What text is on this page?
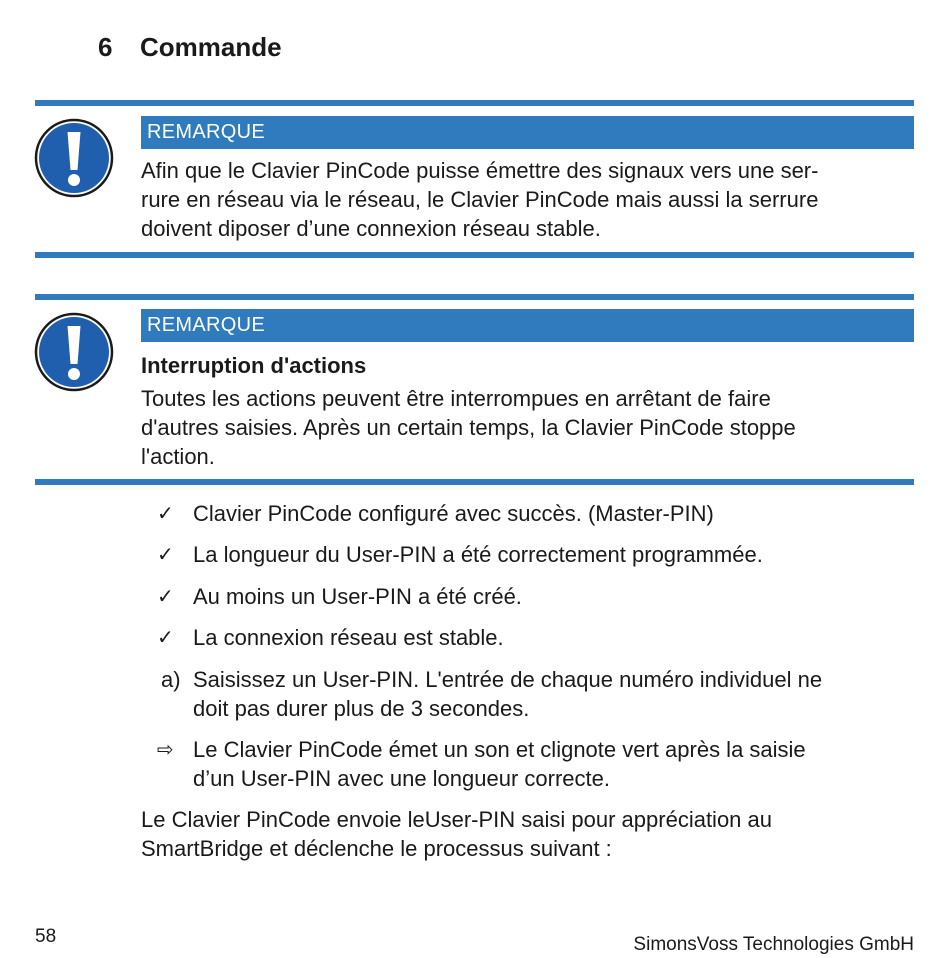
6 Commande
REMARQUE
Afin que le Clavier PinCode puisse émettre des signaux vers une ser-
rure en réseau via le réseau, le Clavier PinCode mais aussi la serrure
doivent diposer d’une connexion réseau stable.
REMARQUE
Interruption d'actions
Toutes les actions peuvent être interrompues en arrêtant de faire
d'autres saisies. Après un certain temps, la Clavier PinCode stoppe
l'action.
✓ Clavier PinCode configuré avec succès. (Master-PIN)
✓ La longueur du User-PIN a été correctement programmée.
✓ Au moins un User-PIN a été créé.
✓ La connexion réseau est stable.
a) Saisissez un User-PIN. L'entrée de chaque numéro individuel ne
doit pas durer plus de 3 secondes.
⇨ Le Clavier PinCode émet un son et clignote vert après la saisie
d’un User-PIN avec une longueur correcte.
Le Clavier PinCode envoie leUser-PIN saisi pour appréciation au
SmartBridge et déclenche le processus suivant :
58	SimonsVoss Technologies GmbH
